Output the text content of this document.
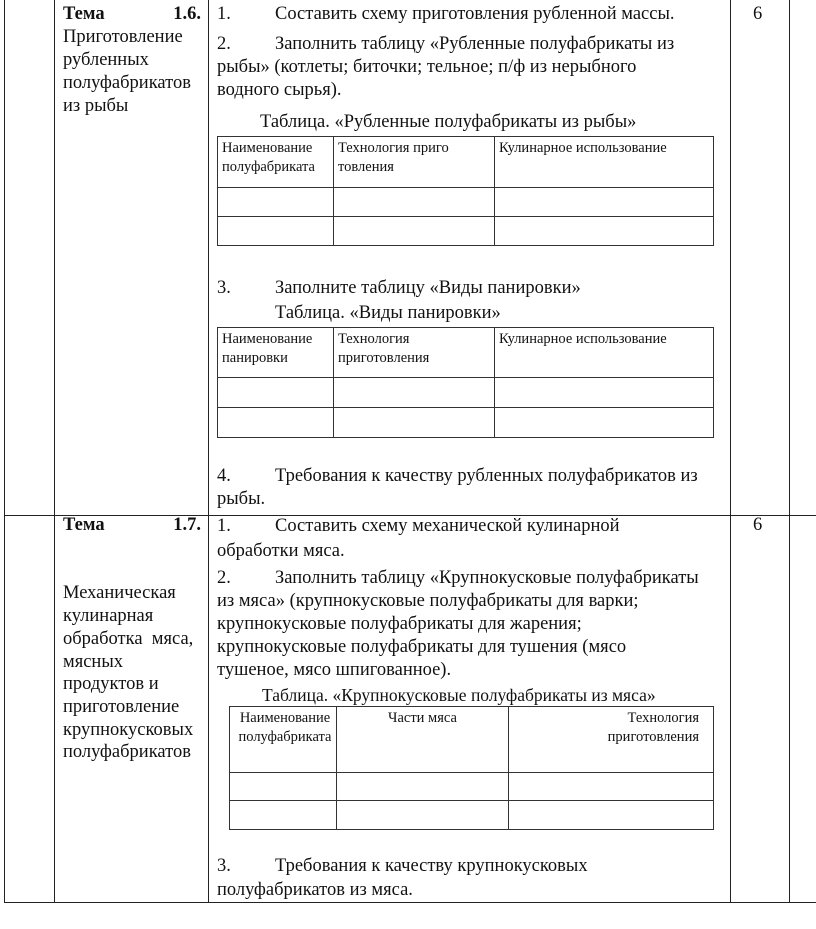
Тема	1.6.
Приготовление
рубленных
полуфабрикатов
из рыбы
6
1. Составить схему приготовления рубленной массы.
2. Заполнить таблицу «Рубленные полуфабрикаты из
рыбы» (котлеты; биточки; тельное; п/ф из нерыбного
водного сырья).
Таблица. «Рубленные полуфабрикаты из рыбы»
Наименование полуфабриката	Технология приго товления	Кулинарное использование

3. Заполните таблицу «Виды панировки»
Таблица. «Виды панировки»
Наименование панировки	Технология приготовления	Кулинарное использование

4. Требования к качеству рубленных полуфабрикатов из
рыбы.
Тема	1.7.

Механическая
кулинарная
обработка  мяса,
мясных
продуктов и
приготовление
крупнокусковых
полуфабрикатов

6
1. Составить схему механической кулинарной
обработки мяса.
2. Заполнить таблицу «Крупнокусковые полуфабрикаты
из мяса» (крупнокусковые полуфабрикаты для варки;
крупнокусковые полуфабрикаты для жарения;
крупнокусковые полуфабрикаты для тушения (мясо
тушеное, мясо шпигованное).
Таблица. «Крупнокусковые полуфабрикаты из мяса»
Наименование полуфабриката	Части мяса	Технология приготовления

3. Требования к качеству крупнокусковых
полуфабрикатов из мяса.
